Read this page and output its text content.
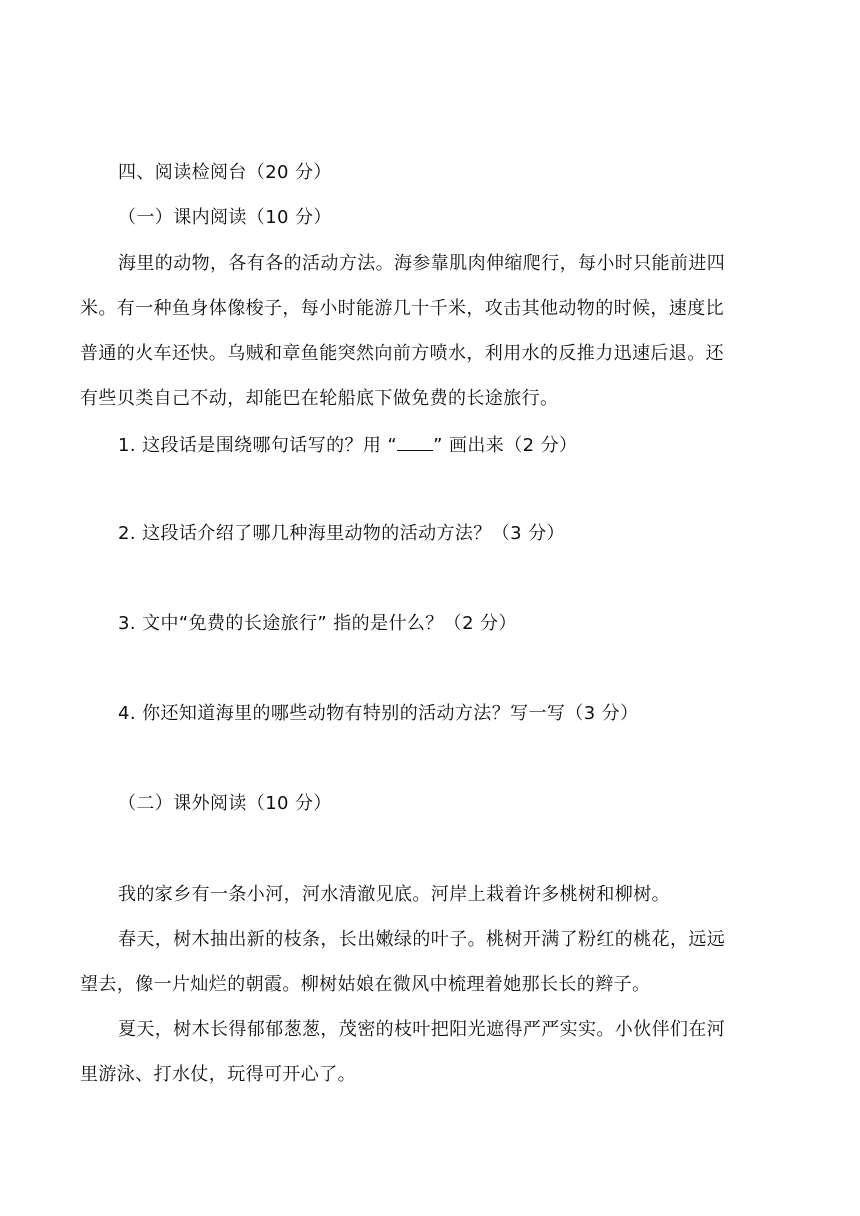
四、阅读检阅台（20 分）
（一）课内阅读（10 分）
海里的动物，各有各的活动方法。海参靠肌肉伸缩爬行，每小时只能前进四
米。有一种鱼身体像梭子，每小时能游几十千米，攻击其他动物的时候，速度比
普通的火车还快。乌贼和章鱼能突然向前方喷水，利用水的反推力迅速后退。还
有些贝类自己不动，却能巴在轮船底下做免费的长途旅行。
1. 这段话是围绕哪句话写的？用 “ ” 画出来（2 分）
2. 这段话介绍了哪几种海里动物的活动方法？（3 分）
3. 文中“免费的长途旅行” 指的是什么？（2 分）
4. 你还知道海里的哪些动物有特别的活动方法？写一写（3 分）
（二）课外阅读（10 分）
我的家乡有一条小河，河水清澈见底。河岸上栽着许多桃树和柳树。
春天，树木抽出新的枝条，长出嫩绿的叶子。桃树开满了粉红的桃花，远远
望去，像一片灿烂的朝霞。柳树姑娘在微风中梳理着她那长长的辫子。
夏天，树木长得郁郁葱葱，茂密的枝叶把阳光遮得严严实实。小伙伴们在河
里游泳、打水仗，玩得可开心了。
